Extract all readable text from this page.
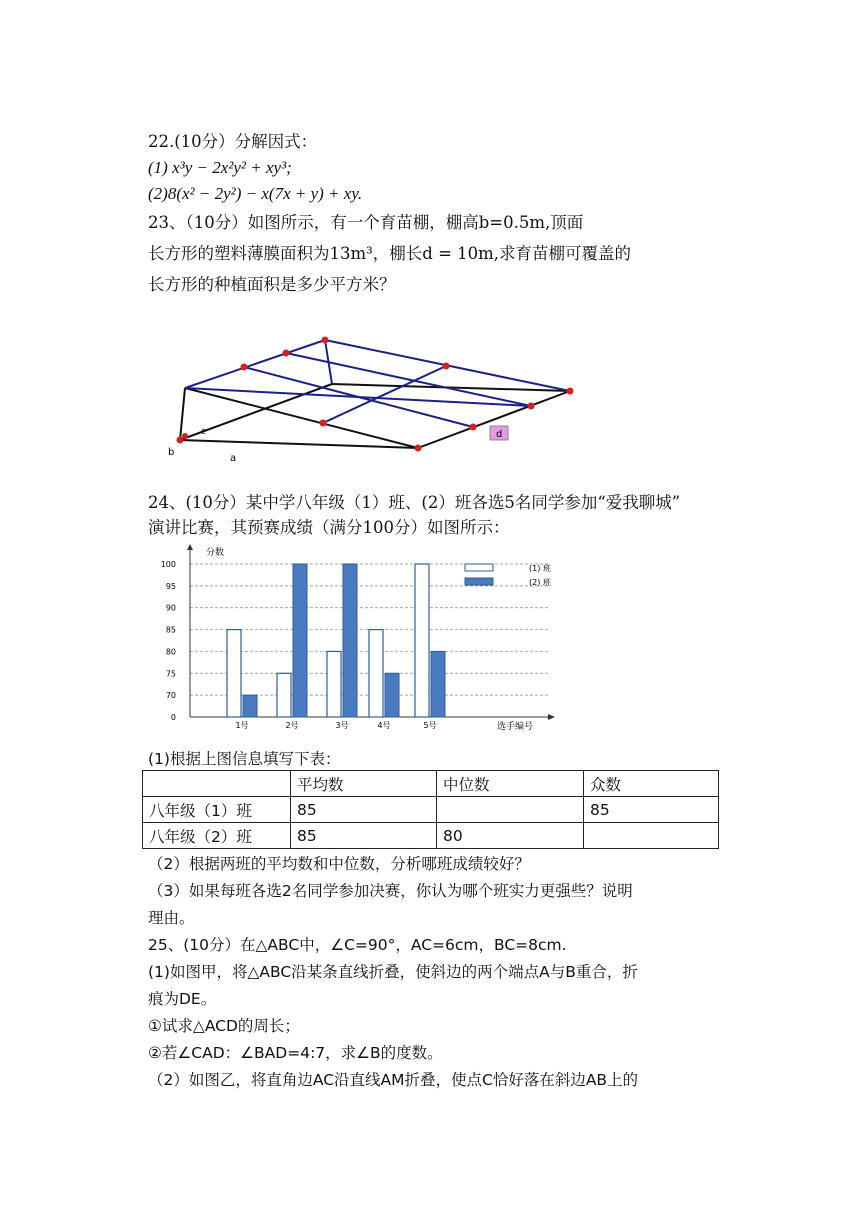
22.(10分）分解因式：
(1) x³y − 2x²y² + xy³;
(2)8(x² − 2y²) − x(7x + y) + xy.
23、（10分）如图所示，有一个育苗棚，棚高b=0.5m,顶面
长方形的塑料薄膜面积为13m³，棚长d = 10m,求育苗棚可覆盖的
长方形的种植面积是多少平方米？
b
a
c	d
24、(10分）某中学八年级（1）班、(2）班各选5名同学参加“爱我聊城”
演讲比赛，其预赛成绩（满分100分）如图所示：
0
70
75
80
85
90
95
100
1号	2号	3号	4号	5号
分数
选手编号
(1) 班
(2) 班
(1)根据上图信息填写下表：
	平均数	中位数	众数
八年级（1）班	85		85
八年级（2）班	85	80	
（2）根据两班的平均数和中位数，分析哪班成绩较好？
（3）如果每班各选2名同学参加决赛，你认为哪个班实力更强些？说明
理由。
25、(10分）在△ABC中，∠C=90°，AC=6cm，BC=8cm.
(1)如图甲，将△ABC沿某条直线折叠，使斜边的两个端点A与B重合，折
痕为DE。
①试求△ACD的周长；
②若∠CAD：∠BAD=4:7，求∠B的度数。
（2）如图乙，将直角边AC沿直线AM折叠，使点C恰好落在斜边AB上的
